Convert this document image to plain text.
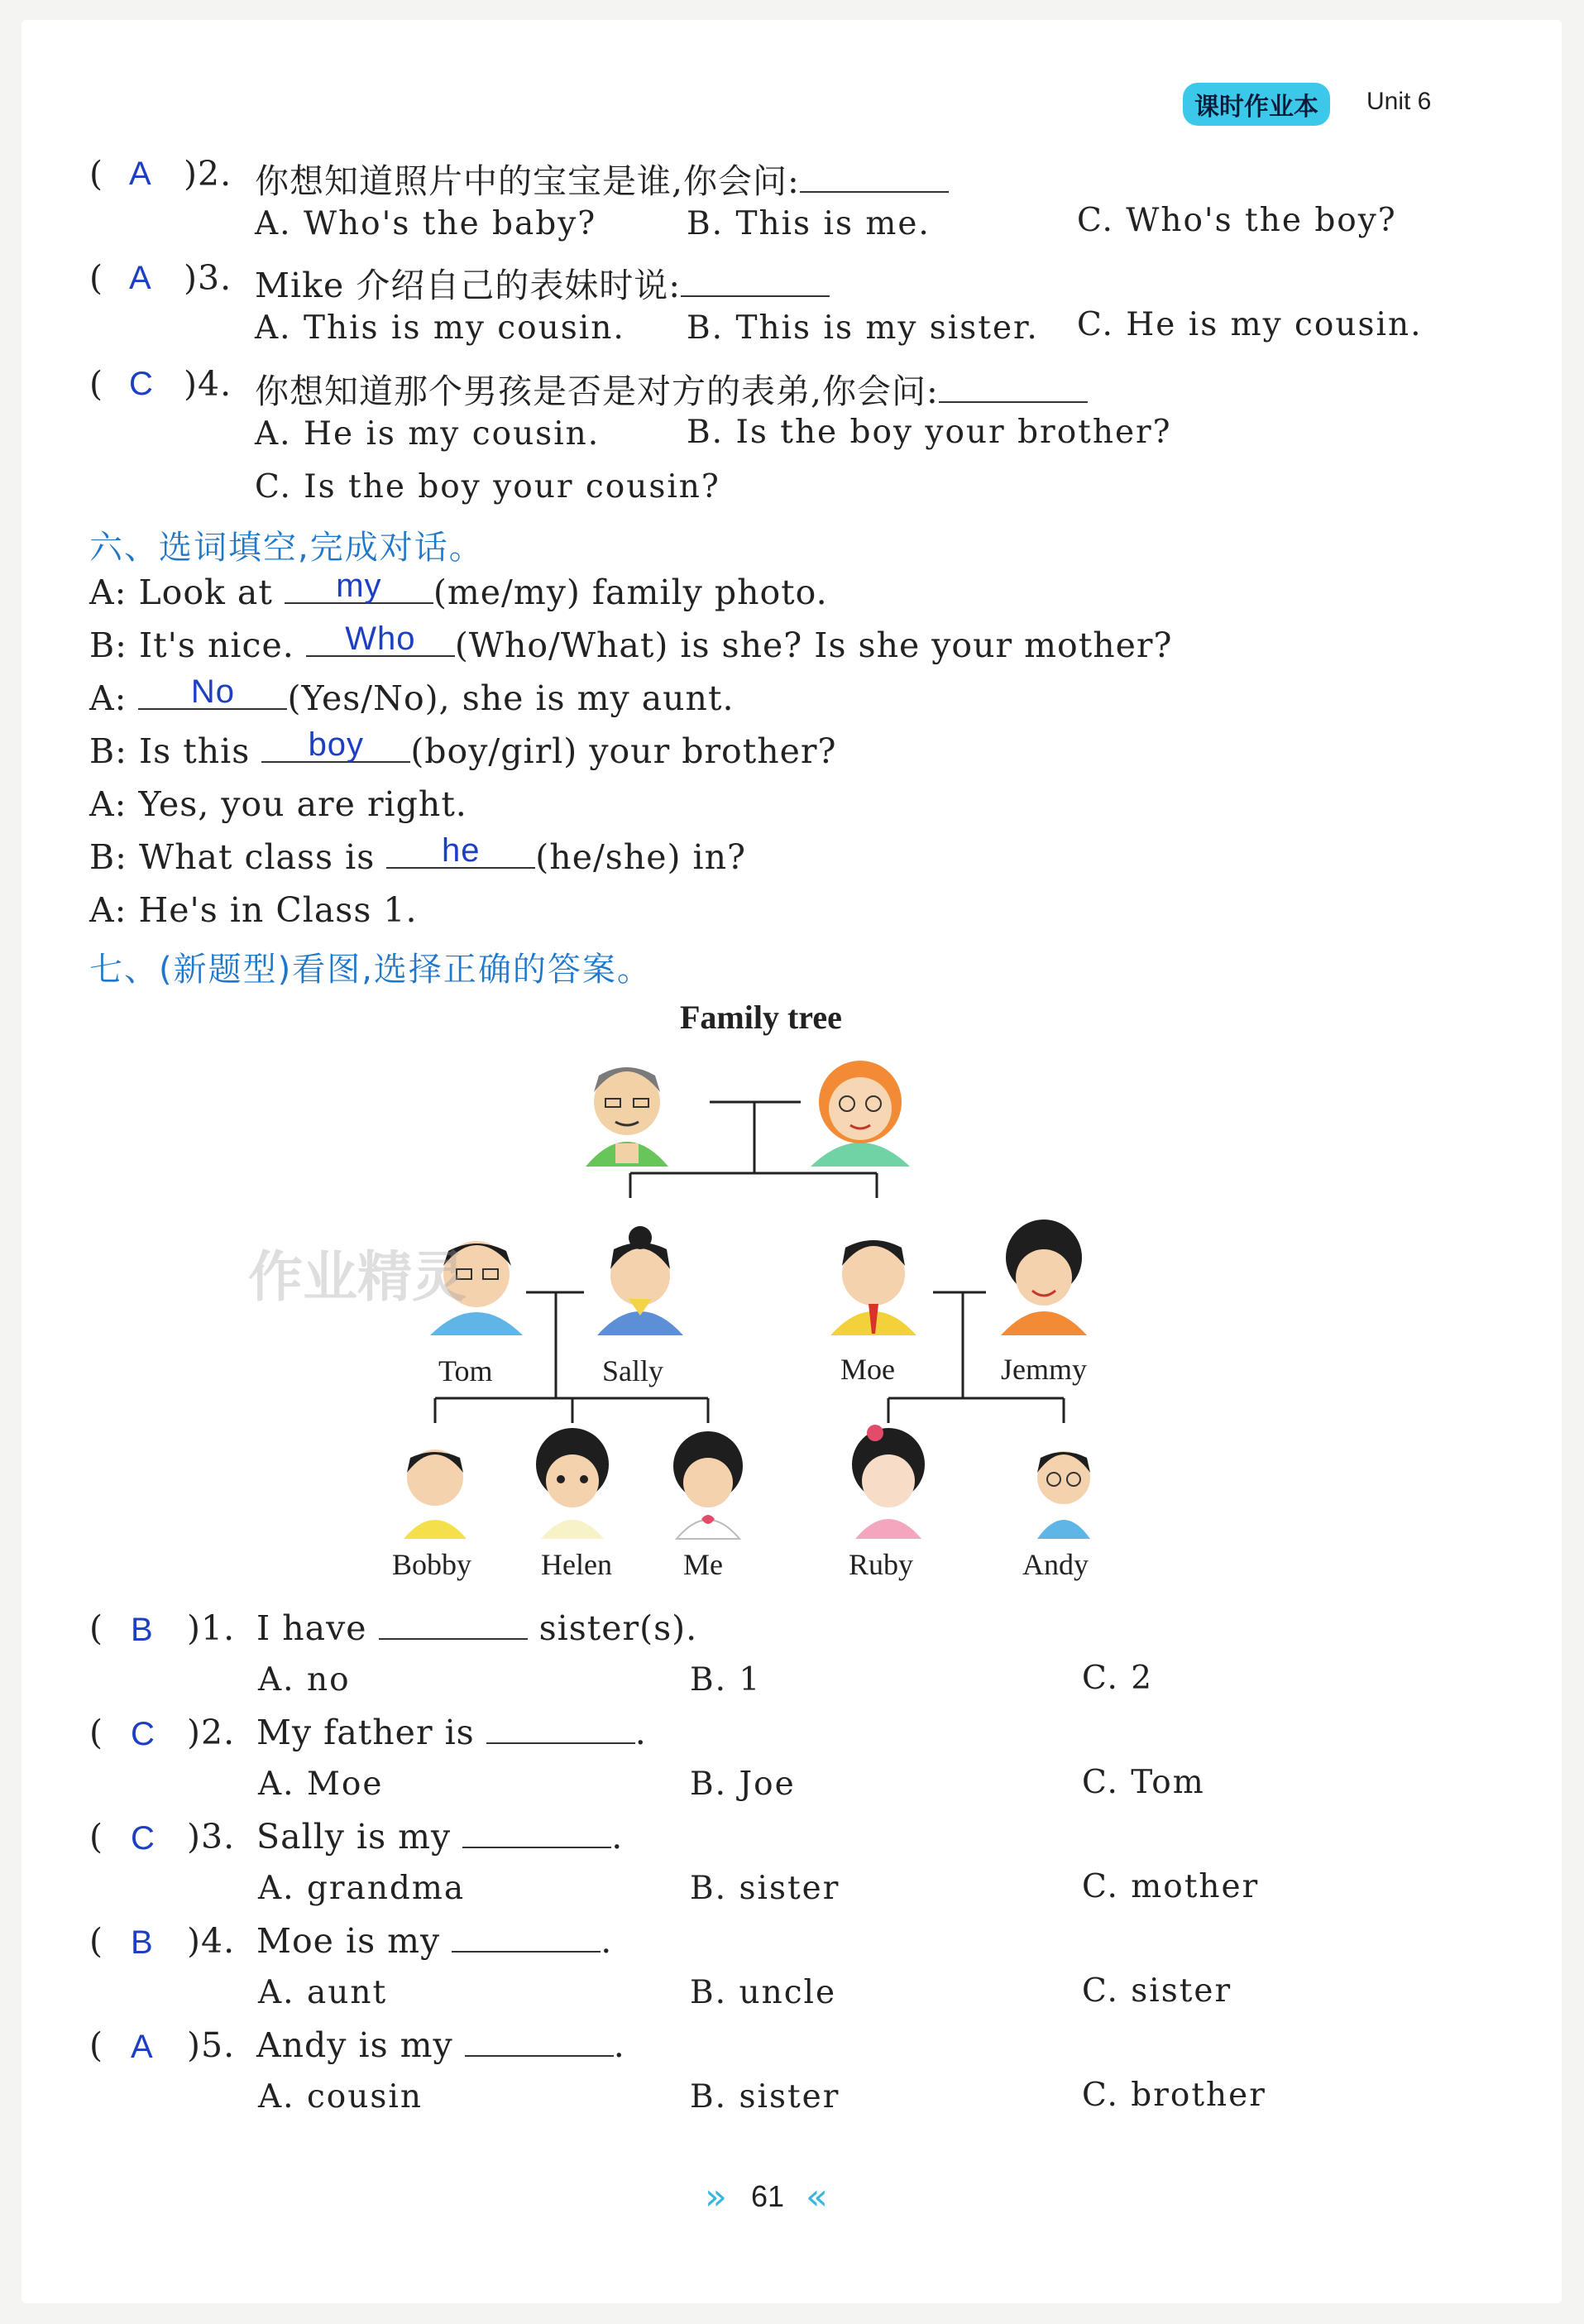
课时作业本	Unit 6
( A )2. 你想知道照片中的宝宝是谁,你会问:
A. Who's the baby?	B. This is me.	C. Who's the boy?
( A )3. Mike 介绍自己的表妹时说:
A. This is my cousin. B. This is my sister. C. He is my cousin.
( C )4. 你想知道那个男孩是否是对方的表弟,你会问:
A. He is my cousin.	B. Is the boy your brother?
C. Is the boy your cousin?
六、选词填空,完成对话。
A: Look at	my	(me/my) family photo.
B: It's nice.	Who	(Who/What) is she? Is she your mother?
A:	No	(Yes/No), she is my aunt.
B: Is this	boy	(boy/girl) your brother?
A: Yes, you are right.
B: What class is	he	(he/she) in?
A: He's in Class 1.
七、(新题型)看图,选择正确的答案。
Family tree
作业精灵
Tom	Sally	Moe	Jemmy
Bobby Helen Me	Ruby	Andy
( B )1. I have	sister(s).
A. no	B. 1	C. 2
( C )2. My father is	.
A. Moe	B. Joe	C. Tom
( C )3. Sally is my	.
A. grandma	B. sister	C. mother
( B )4. Moe is my	.
A. aunt	B. uncle	C. sister
( A )5. Andy is my	.
A. cousin	B. sister	C. brother
» 61 «
